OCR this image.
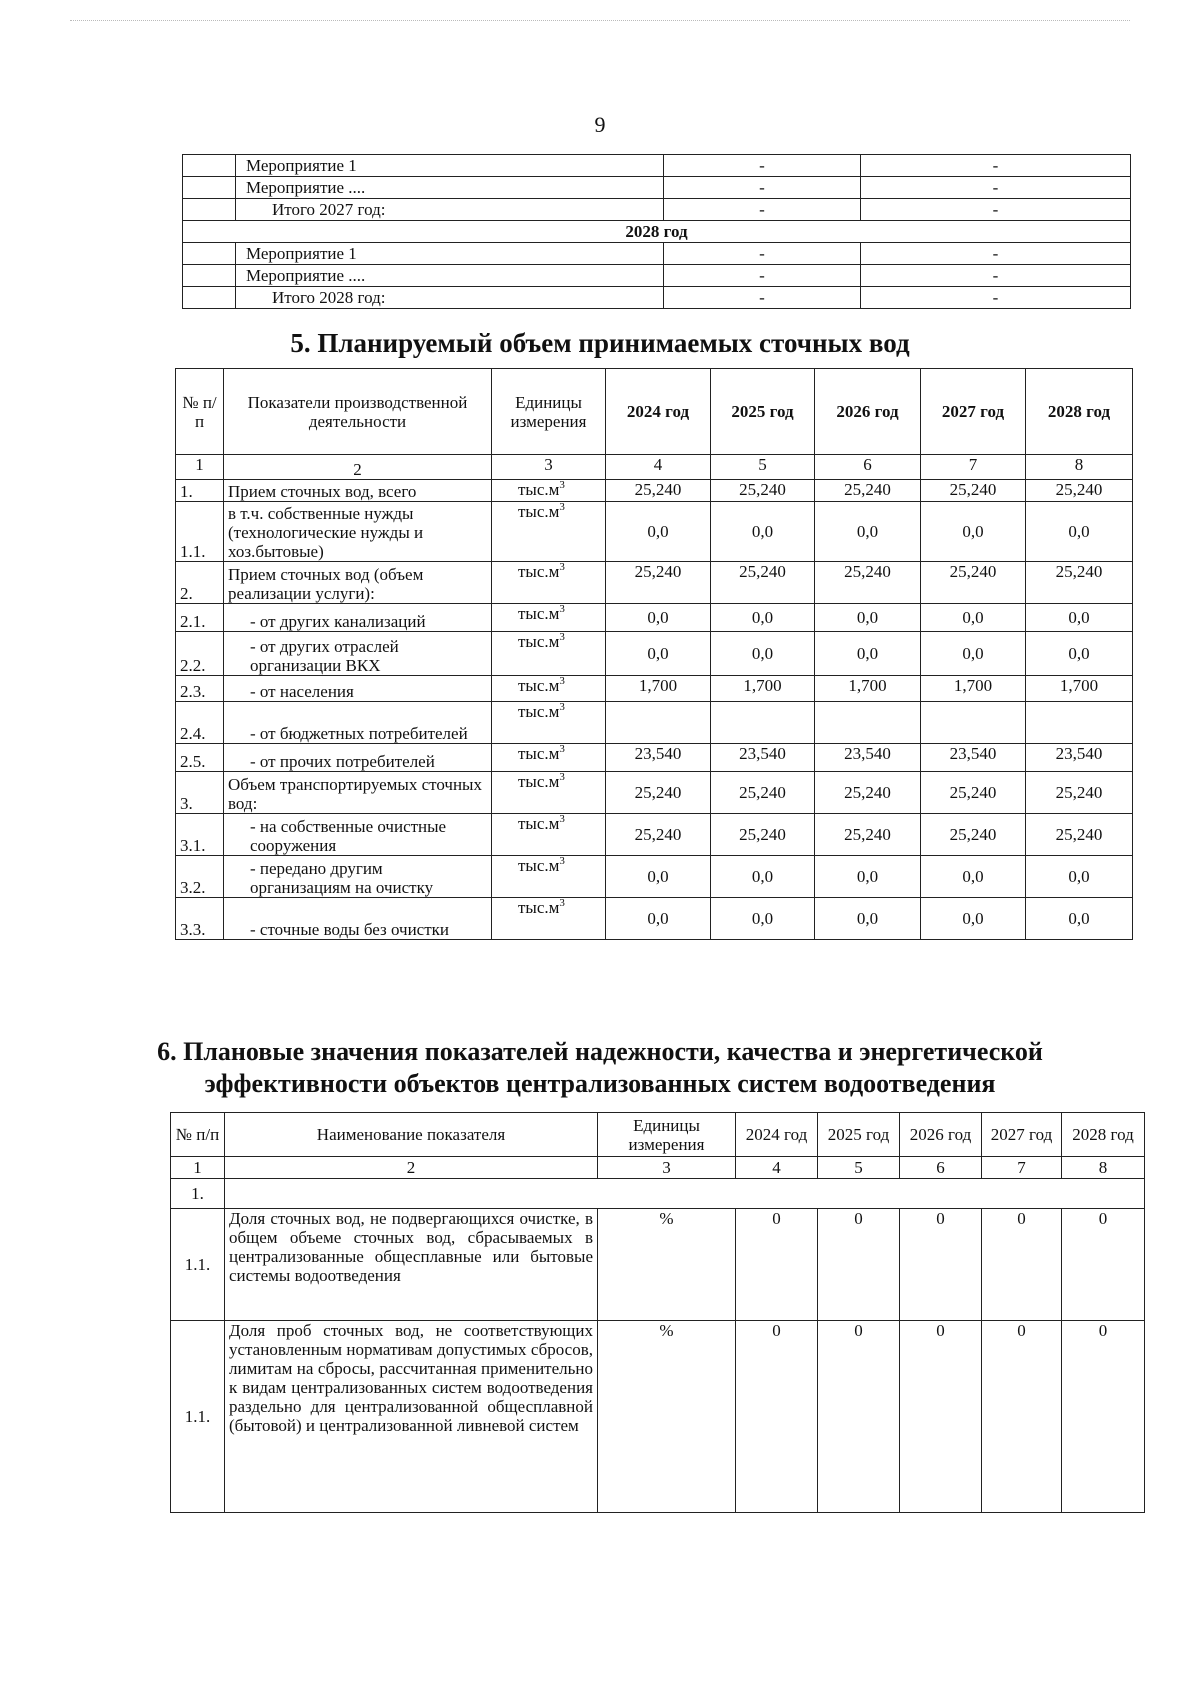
9
	Мероприятие 1	-	-
	Мероприятие ....	-	-
	Итого 2027 год:	-	-
2028 год			
	Мероприятие 1	-	-
	Мероприятие ....	-	-
	Итого 2028 год:	-	-
5. Планируемый объем принимаемых сточных вод
№ п/п	Показатели производственной деятельности	Единицы измерения	2024 год	2025 год	2026 год	2027 год	2028 год
1	2	3	4	5	6	7	8
1.	Прием сточных вод, всего	$тыс.м^3$	25,240	25,240	25,240	25,240	25,240
1.1.	в т.ч. собственные нужды (технологические нужды и хоз.бытовые)	$тыс.м^3$	0,0	0,0	0,0	0,0	0,0
2.	Прием сточных вод (объем реализации услуги):	$тыс.м^3$	25,240	25,240	25,240	25,240	25,240
2.1.	- от других канализаций	$тыс.м^3$	0,0	0,0	0,0	0,0	0,0
2.2.	- от других отраслей организации ВКХ	$тыс.м^3$	0,0	0,0	0,0	0,0	0,0
2.3.	- от населения	$тыс.м^3$	1,700	1,700	1,700	1,700	1,700
2.4.	- от бюджетных потребителей	$тыс.м^3$					
2.5.	- от прочих потребителей	$тыс.м^3$	23,540	23,540	23,540	23,540	23,540
3.	Объем транспортируемых сточных вод:	$тыс.м^3$	25,240	25,240	25,240	25,240	25,240
3.1.	- на собственные очистные сооружения	$тыс.м^3$	25,240	25,240	25,240	25,240	25,240
3.2.	- передано другим организациям на очистку	$тыс.м^3$	0,0	0,0	0,0	0,0	0,0
3.3.	- сточные воды без очистки	$тыс.м^3$	0,0	0,0	0,0	0,0	0,0
6. Плановые значения показателей надежности, качества и энергетической
эффективности объектов централизованных систем водоотведения
№ п/п	Наименование показателя	Единицы измерения	2024 год	2025 год	2026 год	2027 год	2028 год
1	2	3	4	5	6	7	8
1.							
1.1.	Доля сточных вод, не подвергающихся очистке, в общем объеме сточных вод, сбрасываемых в централизованные общесплавные или бытовые системы водоотведения	%	0	0	0	0	0
1.1.	Доля проб сточных вод, не соответствующих установленным нормативам допустимых сбросов, лимитам на сбросы, рассчитанная применительно к видам централизованных систем водоотведения раздельно для централизованной общесплавной (бытовой) и централизованной ливневой систем	%	0	0	0	0	0
